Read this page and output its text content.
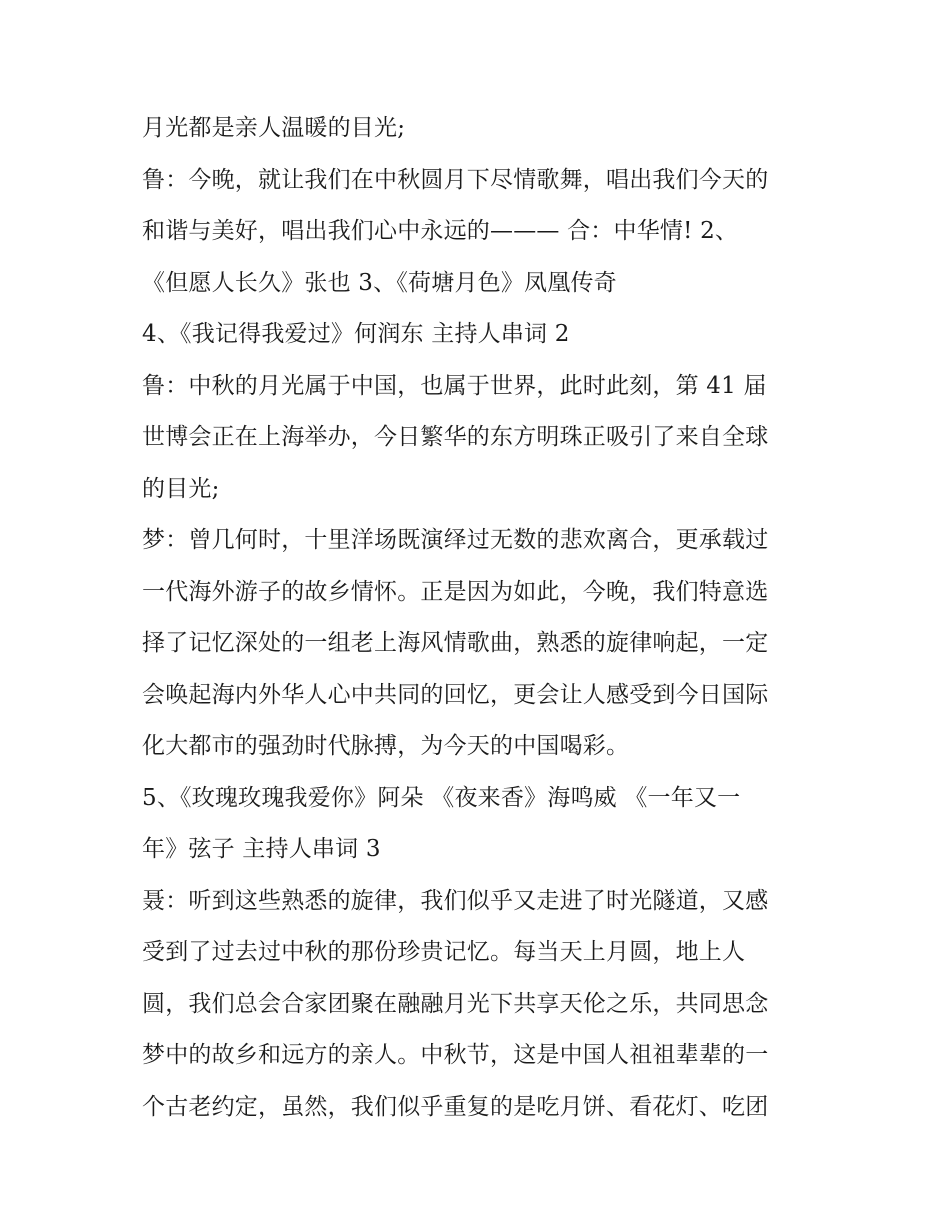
月光都是亲人温暖的目光;
鲁：今晚，就让我们在中秋圆月下尽情歌舞，唱出我们今天的
和谐与美好，唱出我们心中永远的——— 合：中华情! 2、
《但愿人长久》张也 3、《荷塘月色》凤凰传奇
4、《我记得我爱过》何润东 主持人串词 2
鲁：中秋的月光属于中国，也属于世界，此时此刻，第 41 届
世博会正在上海举办，今日繁华的东方明珠正吸引了来自全球
的目光;
梦：曾几何时，十里洋场既演绎过无数的悲欢离合，更承载过
一代海外游子的故乡情怀。正是因为如此，今晚，我们特意选
择了记忆深处的一组老上海风情歌曲，熟悉的旋律响起，一定
会唤起海内外华人心中共同的回忆，更会让人感受到今日国际
化大都市的强劲时代脉搏，为今天的中国喝彩。
5、《玫瑰玫瑰我爱你》阿朵 《夜来香》海鸣威 《一年又一
年》弦子 主持人串词 3
聂：听到这些熟悉的旋律，我们似乎又走进了时光隧道，又感
受到了过去过中秋的那份珍贵记忆。每当天上月圆，地上人
圆，我们总会合家团聚在融融月光下共享天伦之乐，共同思念
梦中的故乡和远方的亲人。中秋节，这是中国人祖祖辈辈的一
个古老约定，虽然，我们似乎重复的是吃月饼、看花灯、吃团
